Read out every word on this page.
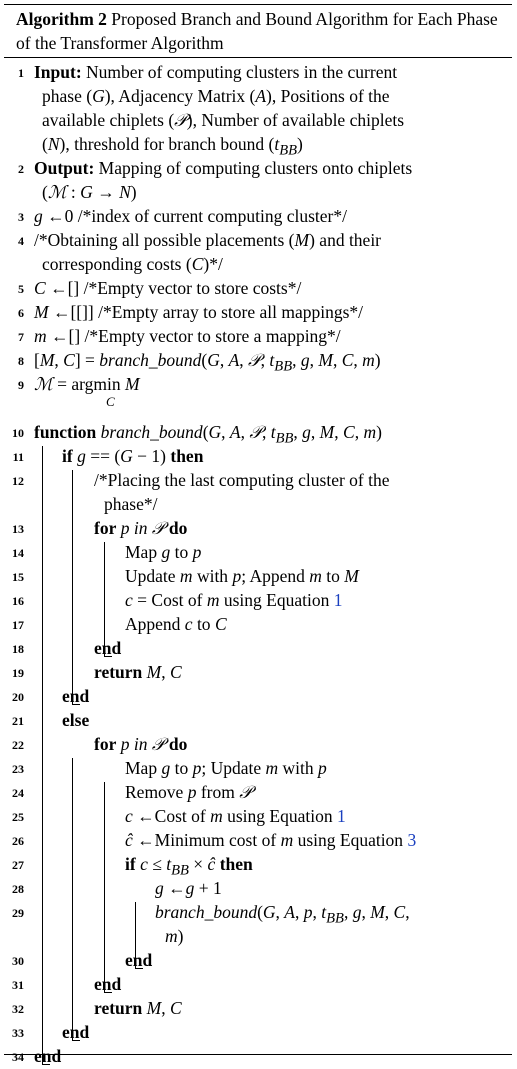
Algorithm 2 Proposed Branch and Bound Algorithm for Each Phase of the Transformer Algorithm
1 Input: Number of computing clusters in the current
phase (G), Adjacency Matrix (A), Positions of the
available chiplets (𝒫), Number of available chiplets
(N), threshold for branch bound $(t_{BB})$
2 Output: Mapping of computing clusters onto chiplets
(ℳ : G → N)
3 g ←0 /*index of current computing cluster*/
4 /*Obtaining all possible placements (M) and their
corresponding costs (C)*/
5 C ←[] /*Empty vector to store costs*/
6 M ←[[]] /*Empty array to store all mappings*/
7 m ←[] /*Empty vector to store a mapping*/
8 [M, C] = branch_bound(G, A, 𝒫, $t_{BB}$, g, M, C, m)
9 ℳ = argmin M
C
10 function branch_bound(G, A, 𝒫, $t_{BB}$, g, M, C, m)
11 if g == (G − 1) then
12	/*Placing the last computing cluster of the
phase*/
13	for p in 𝒫 do
14	Map g to p
15	Update m with p; Append m to M
16	c = Cost of m using Equation 1
17	Append c to C
18	end
19	return M, C
20 end
21 else
22	for p in 𝒫 do
23	Map g to p; Update m with p
24	Remove p from 𝒫
25	c ←Cost of m using Equation 1
26	ĉ ←Minimum cost of m using Equation 3
27	if $c \le t_{BB}$ × ĉ then
28	g ←g + 1
29	branch_bound(G, A, p, $t_{BB}$, g, M, C,
m)
30	end
31	end
32	return M, C
33 end
34 end
